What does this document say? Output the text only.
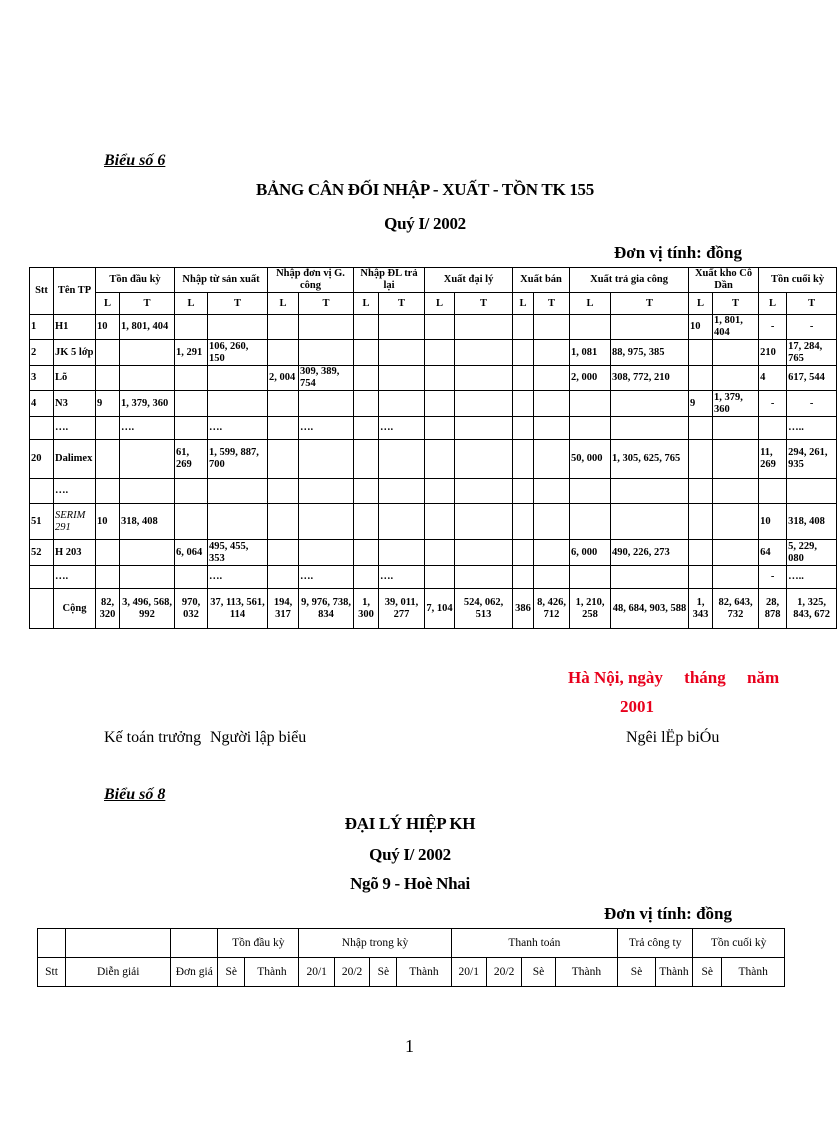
Biểu số 6
BẢNG CÂN ĐỐI NHẬP - XUẤT - TỒN TK 155
Quý I/ 2002
Đơn vị tính: đồng
Stt	Tên TP	Tồn đầu kỳ		Nhập từ sản xuất		Nhập đơn vị G. công		Nhập ĐL trả lại		Xuất đại lý		Xuất bán		Xuất trả gia công		Xuất kho Cô Dần		Tồn cuối kỳ	
		L	T	L	T	L	T	L	T	L	T	L	T	L	T	L	T	L	T
1	H1	10	1, 801, 404													10	1, 801, 404	-	-
2	JK 5 lớp			1, 291	106, 260, 150									1, 081	88, 975, 385			210	17, 284, 765
3	Lõ					2, 004	309, 389, 754							2, 000	308, 772, 210			4	617, 544
4	N3	9	1, 379, 360													9	1, 379, 360	-	-
	….		….		….		….		….										…..
20	Dalimex			61, 269	1, 599, 887, 700									50, 000	1, 305, 625, 765			11, 269	294, 261, 935
	….																		
51	SERIM 291	10	318, 408															10	318, 408
52	H 203			6, 064	495, 455, 353									6, 000	490, 226, 273			64	5, 229, 080
	….				….		….		….									-	…..
	Cộng	82, 320	3, 496, 568, 992	970, 032	37, 113, 561, 114	194, 317	9, 976, 738, 834	1, 300	39, 011, 277	7, 104	524, 062, 513	386	8, 426, 712	1, 210, 258	48, 684, 903, 588	1, 343	82, 643, 732	28, 878	1, 325, 843, 672
Hà Nội, ngày     tháng     năm
2001
Kế toán trưởng Người lập biểu	Ngêi lËp biÓu
Biểu số 8
ĐẠI LÝ HIỆP KH
Quý I/ 2002
Ngõ 9 - Hoè Nhai
Đơn vị tính: đồng
			Tồn đầu kỳ		Nhập trong kỳ				Thanh toán				Trả công ty		Tồn cuối kỳ	
Stt	Diễn giải	Đơn giá	Sè	Thành	20/1	20/2	Sè	Thành	20/1	20/2	Sè	Thành	Sè	Thành	Sè	Thành
1
